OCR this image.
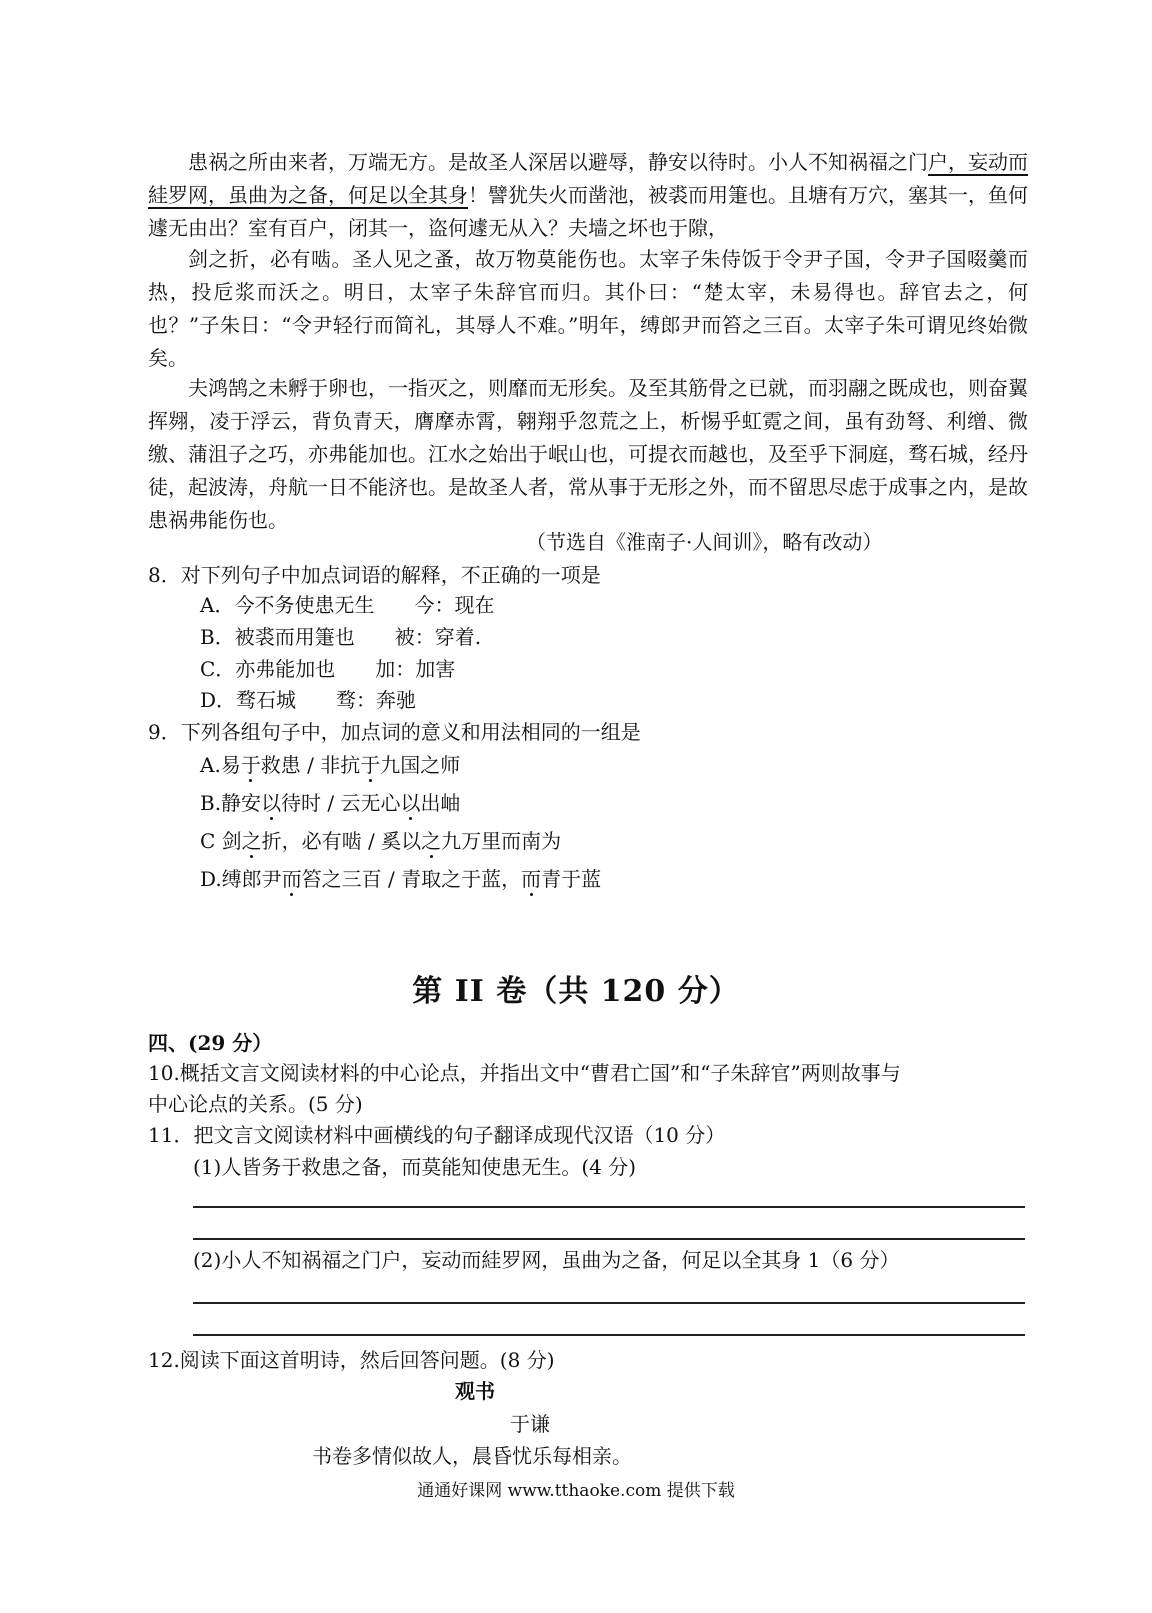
患祸之所由来者，万端无方。是故圣人深居以避辱，静安以待时。小人不知祸福之门户，妄动而絓罗网，虽曲为之备，何足以全其身！譬犹失火而凿池，被裘而用箑也。且塘有万穴，塞其一，鱼何遽无由出？室有百户，闭其一，盗何遽无从入？夫墙之坏也于隙，

剑之折，必有啮。圣人见之蚤，故万物莫能伤也。太宰子朱侍饭于令尹子国，令尹子国啜羹而热，投卮浆而沃之。明日，太宰子朱辞官而归。其仆曰：“楚太宰，未易得也。辞官去之，何也？”子朱日：“令尹轻行而简礼，其辱人不难。”明年，缚郎尹而笞之三百。太宰子朱可谓见终始微矣。

夫鸿鹄之未孵于卵也，一指灭之，则靡而无形矣。及至其筋骨之已就，而羽翮之既成也，则奋翼挥翙，凌于浮云，背负青天，膺摩赤霄，翱翔乎忽荒之上，析惕乎虹霓之间，虽有劲弩、利缯、微缴、蒲沮子之巧，亦弗能加也。江水之始出于岷山也，可提衣而越也，及至乎下洞庭，骛石城，经丹徒，起波涛，舟航一日不能济也。是故圣人者，常从事于无形之外，而不留思尽虑于成事之内，是故患祸弗能伤也。

（节选自《淮南子·人间训》，略有改动）

8．对下列句子中加点词语的解释，不正确的一项是

A．今不务使患无生　　今：现在

B．被裘而用箑也　　被：穿着.

C．亦弗能加也　　加：加害

D．骛石城　　骛：奔驰

9．下列各组句子中，加点词的意义和用法相同的一组是

A.易于救患 / 非抗于九国之师

B.静安以待时 / 云无心以出岫

C 剑之折，必有啮 / 奚以之九万里而南为

D.缚郎尹而笞之三百 / 青取之于蓝，而青于蓝

第 II 卷（共 120 分）

四、(29 分）

10.概括文言文阅读材料的中心论点，并指出文中“曹君亡国”和“子朱辞官”两则故事与

中心论点的关系。(5 分)

11．把文言文阅读材料中画横线的句子翻译成现代汉语（10 分）

(1)人皆务于救患之备，而莫能知使患无生。(4 分)

(2)小人不知祸福之门户，妄动而絓罗网，虽曲为之备，何足以全其身 1（6 分）

12.阅读下面这首明诗，然后回答问题。(8 分)

观书

于谦

书卷多情似故人，晨昏忧乐每相亲。

通通好课网 www.tthaoke.com 提供下载
